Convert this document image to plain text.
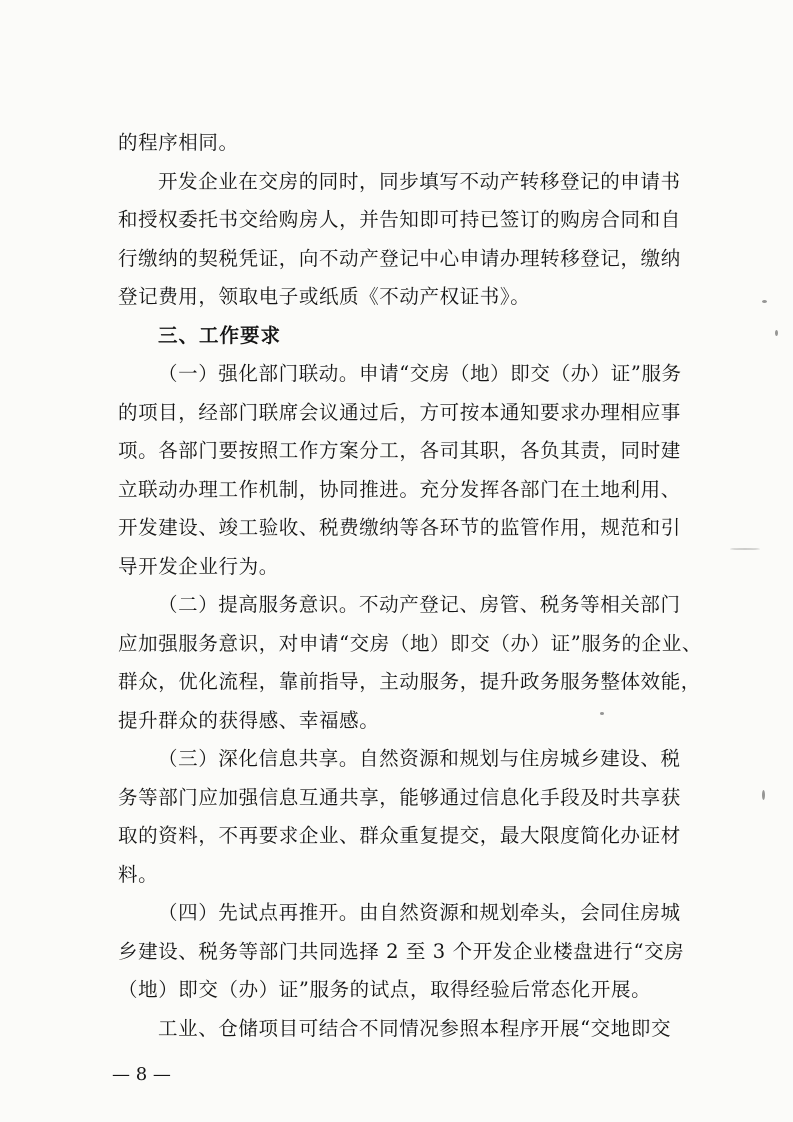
的程序相同。
开发企业在交房的同时，同步填写不动产转移登记的申请书
和授权委托书交给购房人，并告知即可持已签订的购房合同和自
行缴纳的契税凭证，向不动产登记中心申请办理转移登记，缴纳
登记费用，领取电子或纸质《不动产权证书》。
三、工作要求
（一）强化部门联动。申请“交房（地）即交（办）证”服务
的项目，经部门联席会议通过后，方可按本通知要求办理相应事
项。各部门要按照工作方案分工，各司其职，各负其责，同时建
立联动办理工作机制，协同推进。充分发挥各部门在土地利用、
开发建设、竣工验收、税费缴纳等各环节的监管作用，规范和引
导开发企业行为。
（二）提高服务意识。不动产登记、房管、税务等相关部门
应加强服务意识，对申请“交房（地）即交（办）证”服务的企业、
群众，优化流程，靠前指导，主动服务，提升政务服务整体效能，
提升群众的获得感、幸福感。
（三）深化信息共享。自然资源和规划与住房城乡建设、税
务等部门应加强信息互通共享，能够通过信息化手段及时共享获
取的资料，不再要求企业、群众重复提交，最大限度简化办证材
料。
（四）先试点再推开。由自然资源和规划牵头，会同住房城
乡建设、税务等部门共同选择 2 至 3 个开发企业楼盘进行“交房
（地）即交（办）证”服务的试点，取得经验后常态化开展。
工业、仓储项目可结合不同情况参照本程序开展“交地即交
— 8 —
